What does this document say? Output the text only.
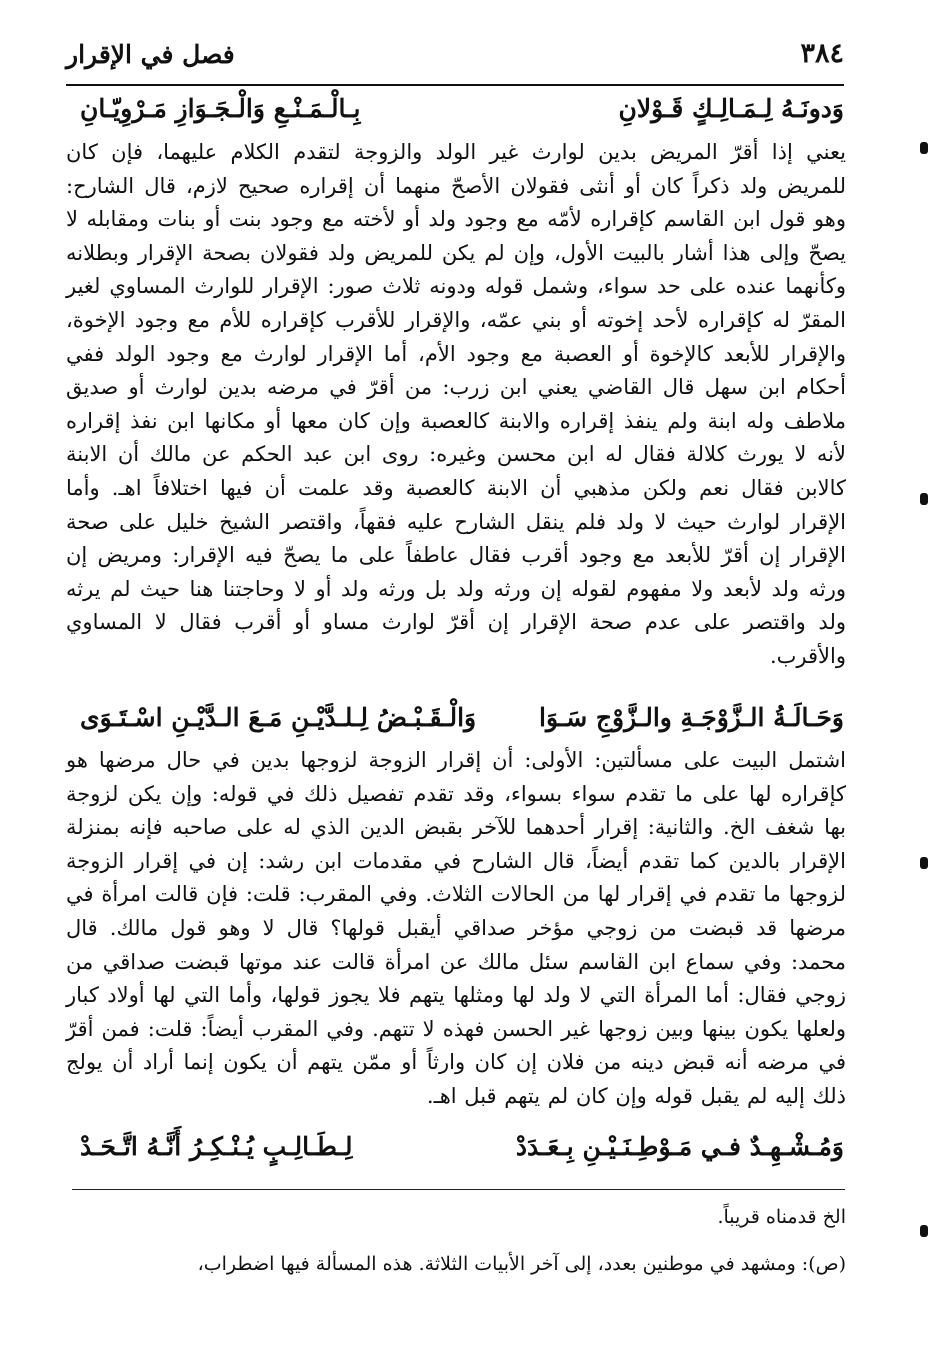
٣٨٤
فصل في الإقرار
وَدونَـهُ لِـمَـالِـكٍ قَـوْلانِ
بِـالْـمَـنْـعِ وَالْـجَـوَازِ مَـرْوِيّـانِ

يعني إذا أقرّ المريض بدين لوارث غير الولد والزوجة لتقدم الكلام عليهما، فإن كان للمريض ولد ذكراً كان أو أنثى فقولان الأصحّ منهما أن إقراره صحيح لازم، قال الشارح: وهو قول ابن القاسم كإقراره لأمّه مع وجود ولد أو لأخته مع وجود بنت أو بنات ومقابله لا يصحّ وإلى هذا أشار بالبيت الأول، وإن لم يكن للمريض ولد فقولان بصحة الإقرار وبطلانه وكأنهما عنده على حد سواء، وشمل قوله ودونه ثلاث صور: الإقرار للوارث المساوي لغير المقرّ له كإقراره لأحد إخوته أو بني عمّه، والإقرار للأقرب كإقراره للأم مع وجود الإخوة، والإقرار للأبعد كالإخوة أو العصبة مع وجود الأم، أما الإقرار لوارث مع وجود الولد ففي أحكام ابن سهل قال القاضي يعني ابن زرب: من أقرّ في مرضه بدين لوارث أو صديق ملاطف وله ابنة ولم ينفذ إقراره والابنة كالعصبة وإن كان معها أو مكانها ابن نفذ إقراره لأنه لا يورث كلالة فقال له ابن محسن وغيره: روى ابن عبد الحكم عن مالك أن الابنة كالابن فقال نعم ولكن مذهبي أن الابنة كالعصبة وقد علمت أن فيها اختلافاً اهـ. وأما الإقرار لوارث حيث لا ولد فلم ينقل الشارح عليه فقهاً، واقتصر الشيخ خليل على صحة الإقرار إن أقرّ للأبعد مع وجود أقرب فقال عاطفاً على ما يصحّ فيه الإقرار: ومريض إن ورثه ولد لأبعد ولا مفهوم لقوله إن ورثه ولد بل ورثه ولد أو لا وحاجتنا هنا حيث لم يرثه ولد واقتصر على عدم صحة الإقرار إن أقرّ لوارث مساو أو أقرب فقال لا المساوي والأقرب.

وَحَـالَـةُ الـزَّوْجَـةِ والـزَّوْجِ سَـوَا
وَالْـقَـبْـضُ لِـلـدَّيْـنِ مَـعَ الـدَّيْـنِ اسْـتَـوَى

اشتمل البيت على مسألتين: الأولى: أن إقرار الزوجة لزوجها بدين في حال مرضها هو كإقراره لها على ما تقدم سواء بسواء، وقد تقدم تفصيل ذلك في قوله: وإن يكن لزوجة بها شغف الخ. والثانية: إقرار أحدهما للآخر بقبض الدين الذي له على صاحبه فإنه بمنزلة الإقرار بالدين كما تقدم أيضاً، قال الشارح في مقدمات ابن رشد: إن في إقرار الزوجة لزوجها ما تقدم في إقرار لها من الحالات الثلاث. وفي المقرب: قلت: فإن قالت امرأة في مرضها قد قبضت من زوجي مؤخر صداقي أيقبل قولها؟ قال لا وهو قول مالك. قال محمد: وفي سماع ابن القاسم سئل مالك عن امرأة قالت عند موتها قبضت صداقي من زوجي فقال: أما المرأة التي لا ولد لها ومثلها يتهم فلا يجوز قولها، وأما التي لها أولاد كبار ولعلها يكون بينها وبين زوجها غير الحسن فهذه لا تتهم. وفي المقرب أيضاً: قلت: فمن أقرّ في مرضه أنه قبض دينه من فلان إن كان وارثاً أو ممّن يتهم أن يكون إنما أراد أن يولج ذلك إليه لم يقبل قوله وإن كان لم يتهم قبل اهـ.

وَمُـشْـهِـدٌ فـي مَـوْطِـنَـيْـنِ بِـعَـدَدْ
لِـطَـالِـبٍ يُـنْـكِـرُ أَنَّـهُ اتَّـحَـدْ

الخ قدمناه قريباً.

(ص): ومشهد في موطنين بعدد، إلى آخر الأبيات الثلاثة. هذه المسألة فيها اضطراب،
